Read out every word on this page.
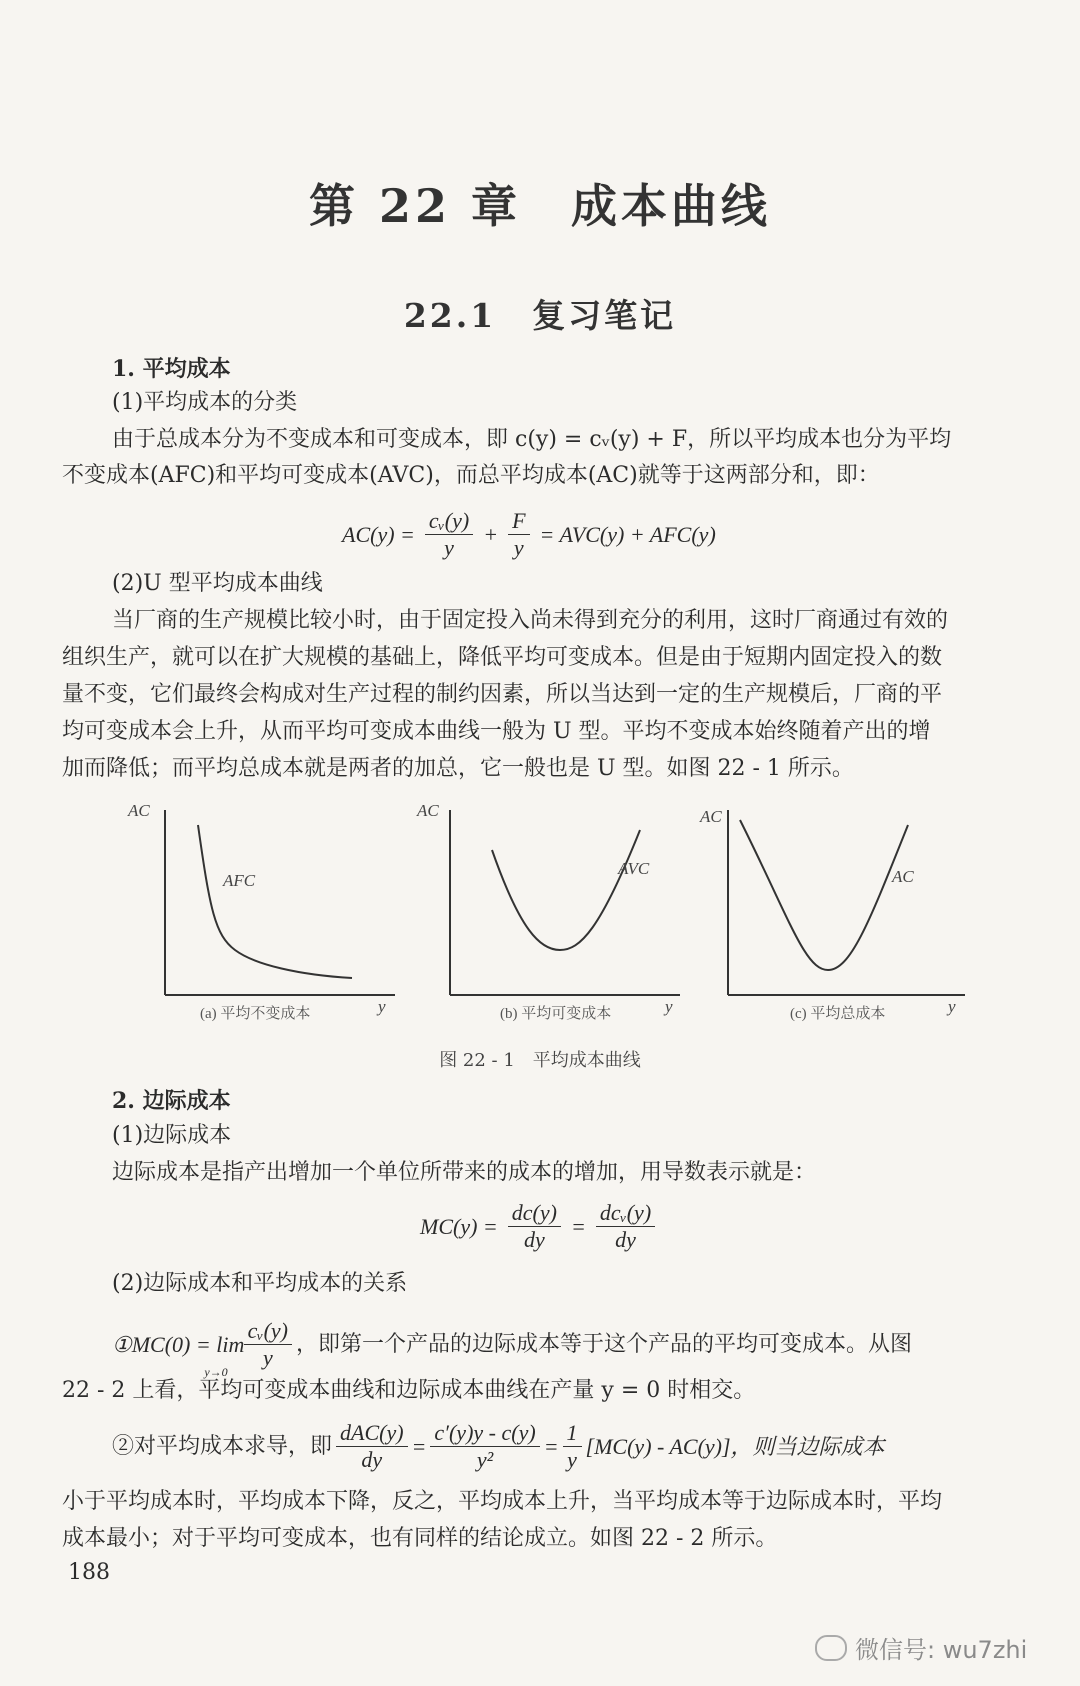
第 22 章　成本曲线
22.1　复习笔记
1. 平均成本
(1)平均成本的分类
由于总成本分为不变成本和可变成本，即 c(y) = cᵥ(y) + F，所以平均成本也分为平均
不变成本(AFC)和平均可变成本(AVC)，而总平均成本(AC)就等于这两部分和，即：
$AC(y) = \frac{\text{cᵥ(y)}}{y} + \frac{F}{y} = AVC(y) + AFC(y)$
(2)U 型平均成本曲线
当厂商的生产规模比较小时，由于固定投入尚未得到充分的利用，这时厂商通过有效的
组织生产，就可以在扩大规模的基础上，降低平均可变成本。但是由于短期内固定投入的数
量不变，它们最终会构成对生产过程的制约因素，所以当达到一定的生产规模后，厂商的平
均可变成本会上升，从而平均可变成本曲线一般为 U 型。平均不变成本始终随着产出的增
加而降低；而平均总成本就是两者的加总，它一般也是 U 型。如图 22 - 1 所示。
AC
AFC
y
(a) 平均不变成本
AC
AVC
y
(b) 平均可变成本
AC
AC
y
(c) 平均总成本
图 22 - 1　平均成本曲线
2. 边际成本
(1)边际成本
边际成本是指产出增加一个单位所带来的成本的增加，用导数表示就是：
$MC(y) = \frac{dc(y)}{dy} = \frac{\text{dcᵥ(y)}}{dy}$
(2)边际成本和平均成本的关系
①MC(0) = lim
y→0
$\frac{\text{cᵥ(y)}}{y}$ ，即第一个产品的边际成本等于这个产品的平均可变成本。从图
22 - 2 上看，平均可变成本曲线和边际成本曲线在产量 y = 0 时相交。
②对平均成本求导，即 $\frac{\text{dAC(y)}}{dy} = \frac{c'(y)y - c(y)}{\text{y²}} = \frac{1}{y} [MC(y) - AC(y)]$，则当边际成本
小于平均成本时，平均成本下降，反之，平均成本上升，当平均成本等于边际成本时，平均
成本最小；对于平均可变成本，也有同样的结论成立。如图 22 - 2 所示。
188
微信号: wu7zhi
